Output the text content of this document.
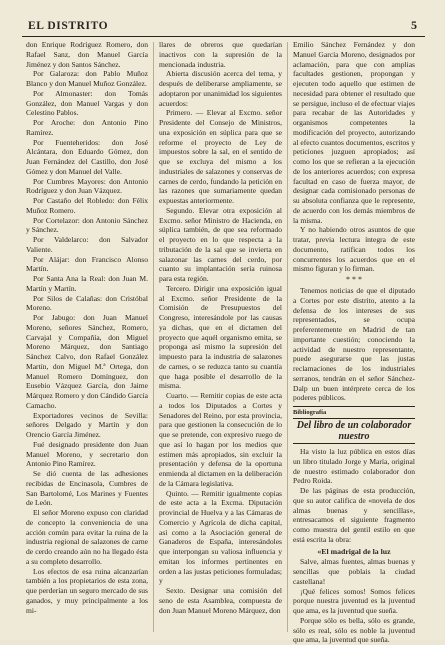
EL DISTRITO	5

don Enrique Rodríguez Romero, don Rafael Sanz, don Manuel García Jiménez y don Santos Sánchez.

Por Galaroza: don Pablo Muñoz Blanco y don Manuel Muñoz González.

Por Almonaster: don Tomás González, don Manuel Vargas y don Celestino Pablos.

Por Aroche: don Antonio Pino Ramírez.

Por Fuenteheridos: don José Alcántara, don Eduardo Gómez, don Juan Fernández del Castillo, don José Gómez y don Manuel del Valle.

Por Cumbres Mayores: don Antonio Rodríguez y don Juan Vázquez.

Por Castaño del Robledo: don Félix Muñoz Romero.

Por Cortelazor: don Antonio Sánchez y Sánchez.

Por Valdelarco: don Salvador Valiente.

Por Alájar: don Francisco Alonso Martín.

Por Santa Ana la Real: don Juan M. Martín y Martín.

Por Silos de Calañas: don Cristóbal Moreno.

Por Jabugo: don Juan Manuel Moreno, señores Sánchez, Romero, Carvajal y Compañía, don Miguel Moreno Márquez, don Santiago Sánchez Calvo, don Rafael González Martín, don Miguel M.ª Ortega, don Manuel Romero Domínguez, don Eusebio Vázquez García, don Jaime Márquez Romero y don Cándido García Camacho.

Exportadores vecinos de Sevilla: señores Delgado y Martín y don Orencio García Jiménez.

Fué designado presidente don Juan Manuel Moreno, y secretario don Antonio Pino Ramírez.

Se dió cuenta de las adhesiones recibidas de Encinasola, Cumbres de San Bartolomé, Los Marines y Fuentes de León.

El señor Moreno expuso con claridad de concepto la conveniencia de una acción común para evitar la ruina de la industria regional de salazones de carne de cerdo creando aún no ha llegado ésta a su completo desarrollo.

Los efectos de esa ruina alcanzarían también a los propietarios de esta zona, que perderían un seguro mercado de sus ganados, y muy principalmente a los mi-

llares de obreros que quedarían inactivos con la supresión de la mencionada industria.

Abierta discusión acerca del tema, y después de deliberarse ampliamente, se adoptaron por unanimidad los siguientes acuerdos:

Primero. — Elevar al Excmo. señor Presidente del Consejo de Ministros, una exposición en súplica para que se reforme el proyecto de Ley de impuestos sobre la sal, en el sentido de que se excluya del mismo a los industriales de salazones y conservas de carnes de cerdo, fundando la petición en las razones que sumariamente quedan expuestas anteriormente.

Segundo. Elevar otra exposición al Excmo. señor Ministro de Hacienda, en súplica también, de que sea reformado el proyecto en lo que respecta a la tributación de la sal que se invierta en salazonar las carnes del cerdo, por cuanto su implantación sería ruinosa para esta región.

Tercero. Dirigir una exposición igual al Excmo. señor Presidente de la Comisión de Presupuestos del Congreso, interesándole por las causas ya dichas, que en el dictamen del proyecto que aquél organismo emita, se proponga así mismo la supresión del impuesto para la industria de salazones de carnes, o se reduzca tanto su cuantía que haga posible el desarrollo de la misma.

Cuarto. — Remitir copias de este acta a todos los Diputados a Cortes y Senadores del Reino, por esta provincia, para que gestionen la consecución de lo que se pretende, con expresivo ruego de que así lo hagan por los medios que estimen más apropiados, sin excluir la presentación y defensa de la oportuna enmienda al dictamen en la deliberación de la Cámara legislativa.

Quinto. — Remitir igualmente copias de este acta a la Excma. Diputación provincial de Huelva y a las Cámaras de Comercio y Agrícola de dicha capital, así como a la Asociación general de Ganaderos de España, interesándoles que interpongan su valiosa influencia y emitan los informes pertinentes en orden a las justas peticiones formuladas; y

Sexto. Designar una comisión del seno de esta Asamblea, compuesta de don Juan Manuel Moreno Márquez, don

Emilio Sánchez Fernández y don Manuel García Moreno, designados por aclamación, para que con amplias facultades gestionen, propongan y ejecuten todo aquello que estimen de necesidad para obtener el resultado que se persigue, incluso el de efectuar viajes para recabar de las Autoridades y organismos competentes la modificación del proyecto, autorizando al efecto cuantos documentos, escritos y peticiones juzguen apropiados; así como los que se refieran a la ejecución de los anteriores acuerdos; con expresa facultad en caso de fuerza mayor, de designar cada comisionado personas de su absoluta confianza que le represente, de acuerdo con los demás miembros de la misma.

Y no habiendo otros asuntos de que tratar, previa lectura íntegra de este documento, ratifican todos los concurrentes los acuerdos que en el mismo figuran y lo firman.

* * *

Tenemos noticias de que el diputado a Cortes por este distrito, atento a la defensa de los intereses de sus representados, se ocupa preferentemente en Madrid de tan importante cuestión; conociendo la actividad de nuestro representante, puede asegurarse que las justas reclamaciones de los industriales serranos, tendrán en el señor Sánchez-Dalp un buen intérprete cerca de los poderes públicos.

Bibliografía
Del libro de un colaborador nuestro

Ha visto la luz pública en estos días un libro titulado Jorge y María, original de nuestro estimado colaborador don Pedro Roida.

De las páginas de esta producción, que su autor califica de «novela de dos almas buenas y sencillas», entresacamos el siguiente fragmento como muestra del gentil estilo en que está escrita la obra:

«El madrigal de la luz

Salve, almas fuentes, almas buenas y sencillas que poblais la ciudad castellana!

¡Qué felices somos! Somos felices porque nuestra juventud es la juventud que ama, es la juventud que sueña.

Porque sólo es bella, sólo es grande, sólo es real, sólo es noble la juventud que ama, la juventud que sueña.
